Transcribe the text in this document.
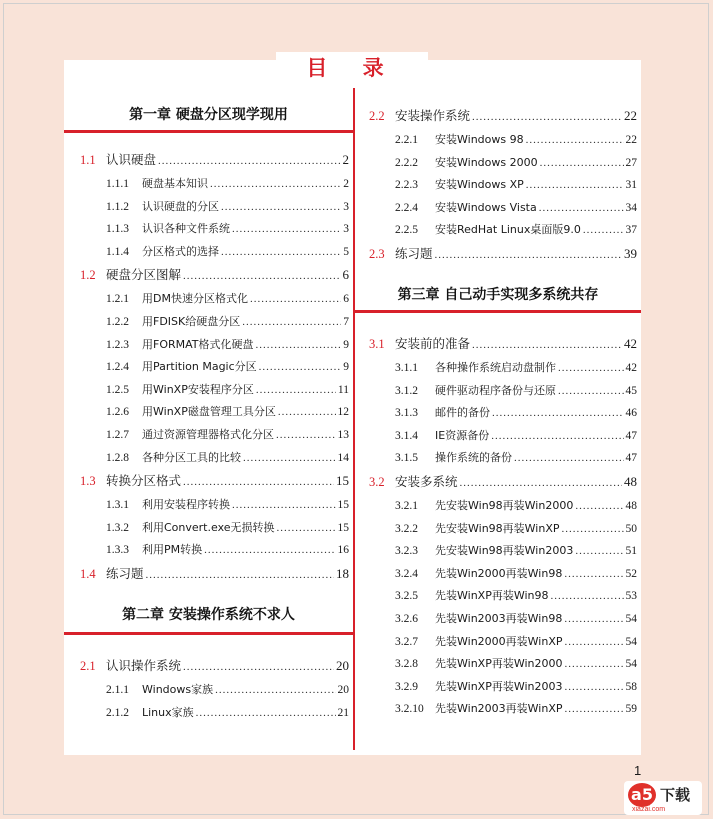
目 录
第一章 硬盘分区现学现用
1.1 认识硬盘 .....	2
1.1.1	硬盘基本知识 .....	2
1.1.2	认识硬盘的分区 .....	3
1.1.3	认识各种文件系统 .....	3
1.1.4	分区格式的选择 .....	5
1.2 硬盘分区图解 .....	6
1.2.1	用DM快速分区格式化 .....	6
1.2.2	用FDISK给硬盘分区 .....	7
1.2.3	用FORMAT格式化硬盘 .....	9
1.2.4	用Partition Magic分区 .....	9
1.2.5	用WinXP安装程序分区 .....	11
1.2.6	用WinXP磁盘管理工具分区 .....	12
1.2.7	通过资源管理器格式化分区 .....	13
1.2.8	各种分区工具的比较 .....	14
1.3 转换分区格式 .....	15
1.3.1	利用安装程序转换 .....	15
1.3.2	利用Convert.exe无损转换 .....	15
1.3.3	利用PM转换 .....	16
1.4 练习题 .....	18
第二章 安装操作系统不求人
2.1 认识操作系统 .....	20
2.1.1	Windows家族 .....	20
2.1.2	Linux家族 .....	21
2.2 安装操作系统 .....	22
2.2.1	安装Windows 98 .....	22
2.2.2	安装Windows 2000 .....	27
2.2.3	安装Windows XP .....	31
2.2.4	安装Windows Vista .....	34
2.2.5	安装RedHat Linux桌面版9.0 .....	37
2.3 练习题 .....	39
第三章 自己动手实现多系统共存
3.1 安装前的准备 .....	42
3.1.1	各种操作系统启动盘制作 .....	42
3.1.2	硬件驱动程序备份与还原 .....	45
3.1.3	邮件的备份 .....	46
3.1.4	IE资源备份 .....	47
3.1.5	操作系统的备份 .....	47
3.2 安装多系统 .....	48
3.2.1	先安装Win98再装Win2000 .....	48
3.2.2	先安装Win98再装WinXP .....	50
3.2.3	先安装Win98再装Win2003 .....	51
3.2.4	先装Win2000再装Win98 .....	52
3.2.5	先装WinXP再装Win98 .....	53
3.2.6	先装Win2003再装Win98 .....	54
3.2.7	先装Win2000再装WinXP .....	54
3.2.8	先装WinXP再装Win2000 .....	54
3.2.9	先装WinXP再装Win2003 .....	58
3.2.10	先装Win2003再装WinXP .....	59
1
a5 下载
xiazai.com
